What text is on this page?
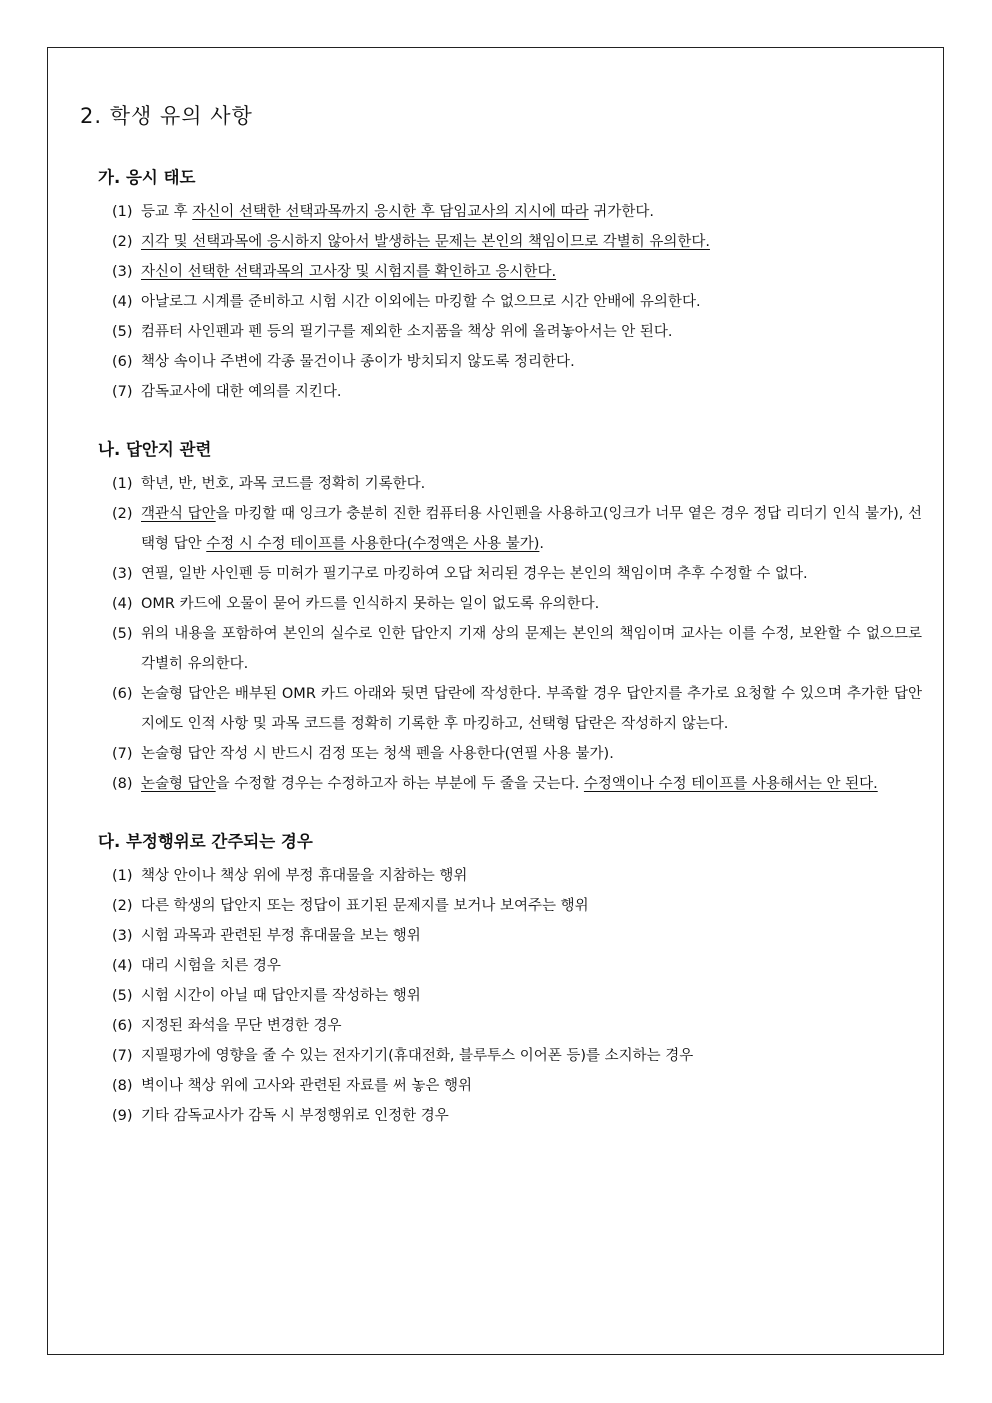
2. 학생 유의 사항
가. 응시 태도
(1) 등교 후 자신이 선택한 선택과목까지 응시한 후 담임교사의 지시에 따라 귀가한다.
(2) 지각 및 선택과목에 응시하지 않아서 발생하는 문제는 본인의 책임이므로 각별히 유의한다.
(3) 자신이 선택한 선택과목의 고사장 및 시험지를 확인하고 응시한다.
(4) 아날로그 시계를 준비하고 시험 시간 이외에는 마킹할 수 없으므로 시간 안배에 유의한다.
(5) 컴퓨터 사인펜과 펜 등의 필기구를 제외한 소지품을 책상 위에 올려놓아서는 안 된다.
(6) 책상 속이나 주변에 각종 물건이나 종이가 방치되지 않도록 정리한다.
(7) 감독교사에 대한 예의를 지킨다.
나. 답안지 관련
(1) 학년, 반, 번호, 과목 코드를 정확히 기록한다.
(2) 객관식 답안을 마킹할 때 잉크가 충분히 진한 컴퓨터용 사인펜을 사용하고(잉크가 너무 옅은 경우 정답 리더기 인식 불가), 선택형 답안 수정 시 수정 테이프를 사용한다(수정액은 사용 불가).
(3) 연필, 일반 사인펜 등 미허가 필기구로 마킹하여 오답 처리된 경우는 본인의 책임이며 추후 수정할 수 없다.
(4) OMR 카드에 오물이 묻어 카드를 인식하지 못하는 일이 없도록 유의한다.
(5) 위의 내용을 포함하여 본인의 실수로 인한 답안지 기재 상의 문제는 본인의 책임이며 교사는 이를 수정, 보완할 수 없으므로 각별히 유의한다.
(6) 논술형 답안은 배부된 OMR 카드 아래와 뒷면 답란에 작성한다. 부족할 경우 답안지를 추가로 요청할 수 있으며 추가한 답안지에도 인적 사항 및 과목 코드를 정확히 기록한 후 마킹하고, 선택형 답란은 작성하지 않는다.
(7) 논술형 답안 작성 시 반드시 검정 또는 청색 펜을 사용한다(연필 사용 불가).
(8) 논술형 답안을 수정할 경우는 수정하고자 하는 부분에 두 줄을 긋는다. 수정액이나 수정 테이프를 사용해서는 안 된다.
다. 부정행위로 간주되는 경우
(1) 책상 안이나 책상 위에 부정 휴대물을 지참하는 행위
(2) 다른 학생의 답안지 또는 정답이 표기된 문제지를 보거나 보여주는 행위
(3) 시험 과목과 관련된 부정 휴대물을 보는 행위
(4) 대리 시험을 치른 경우
(5) 시험 시간이 아닐 때 답안지를 작성하는 행위
(6) 지정된 좌석을 무단 변경한 경우
(7) 지필평가에 영향을 줄 수 있는 전자기기(휴대전화, 블루투스 이어폰 등)를 소지하는 경우
(8) 벽이나 책상 위에 고사와 관련된 자료를 써 놓은 행위
(9) 기타 감독교사가 감독 시 부정행위로 인정한 경우
